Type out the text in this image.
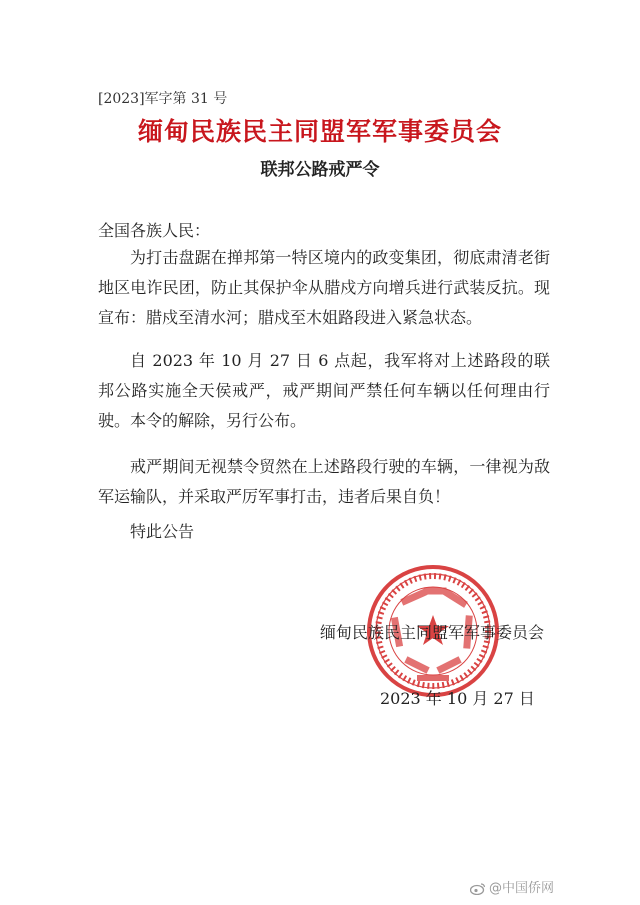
[2023]军字第 31 号
缅甸民族民主同盟军军事委员会
联邦公路戒严令
全国各族人民：

为打击盘踞在掸邦第一特区境内的政变集团，彻底肃清老街地区电诈民团，防止其保护伞从腊戍方向增兵进行武装反抗。现宣布：腊戍至清水河；腊戍至木姐路段进入紧急状态。

自 2023 年 10 月 27 日 6 点起，我军将对上述路段的联邦公路实施全天侯戒严，戒严期间严禁任何车辆以任何理由行驶。本令的解除，另行公布。

戒严期间无视禁令贸然在上述路段行驶的车辆，一律视为敌军运输队，并采取严厉军事打击，违者后果自负！

特此公告

缅甸民族民主同盟军军事委员会
2023 年 10 月 27 日
@中国侨网
